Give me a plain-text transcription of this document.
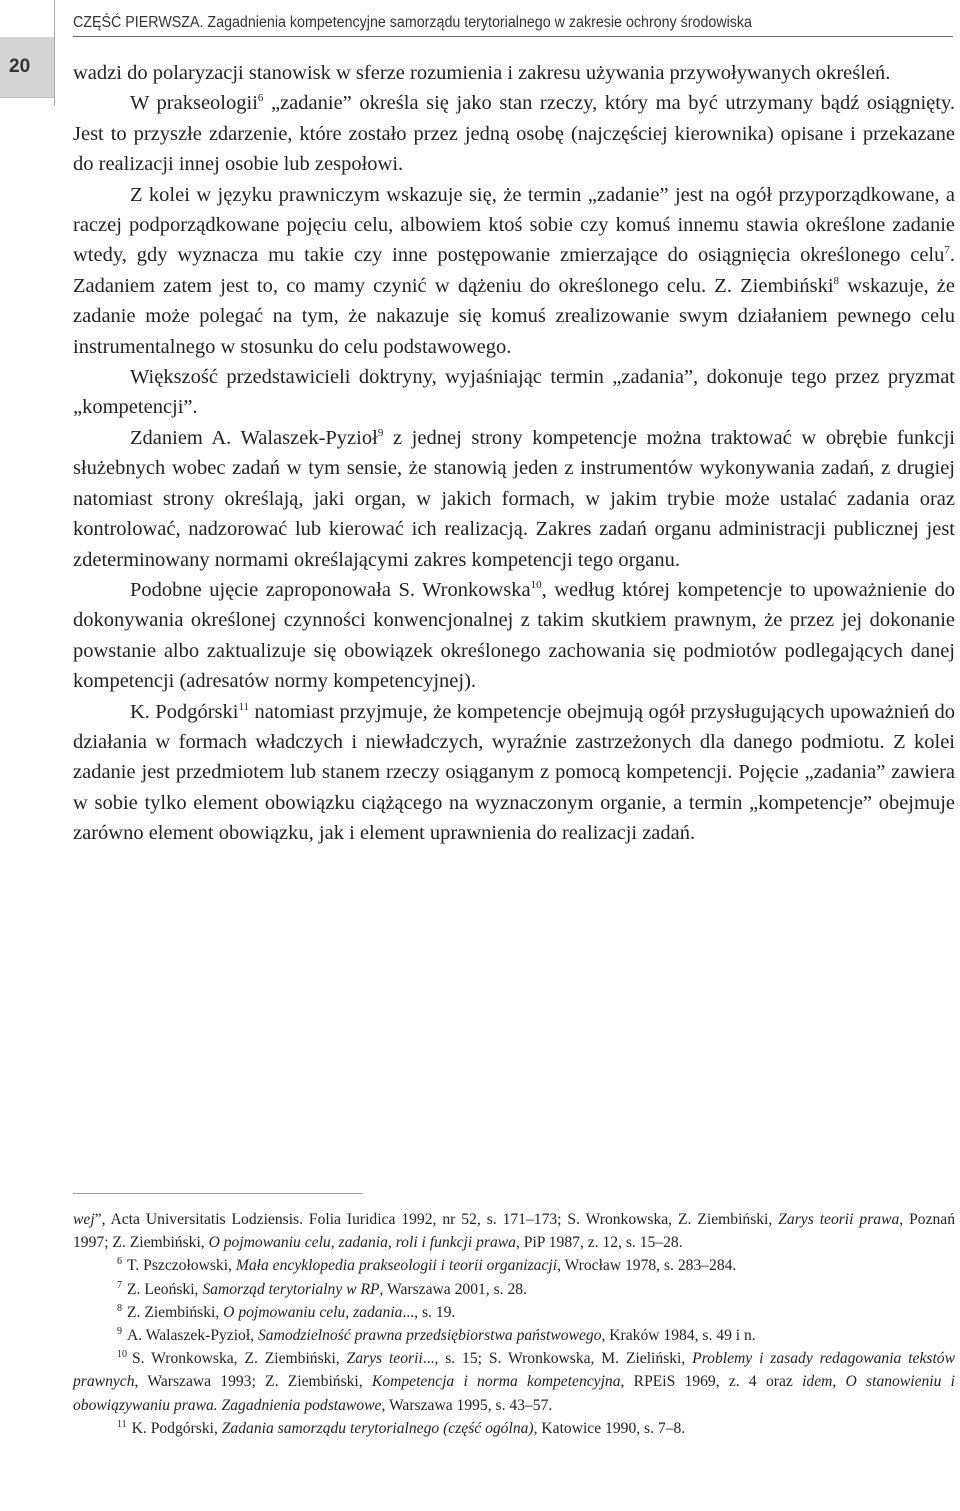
20
CZĘŚĆ PIERWSZA. Zagadnienia kompetencyjne samorządu terytorialnego w zakresie ochrony środowiska

wadzi do polaryzacji stanowisk w sferze rozumienia i zakresu używania przywoływanych określeń.

W prakseologii$^6$ „zadanie” określa się jako stan rzeczy, który ma być utrzymany bądź osiągnięty. Jest to przyszłe zdarzenie, które zostało przez jedną osobę (najczęściej kierownika) opisane i przekazane do realizacji innej osobie lub zespołowi.

Z kolei w języku prawniczym wskazuje się, że termin „zadanie” jest na ogół przyporządkowane, a raczej podporządkowane pojęciu celu, albowiem ktoś sobie czy komuś innemu stawia określone zadanie wtedy, gdy wyznacza mu takie czy inne postępowanie zmierzające do osiągnięcia określonego celu$^7$. Zadaniem zatem jest to, co mamy czynić w dążeniu do określonego celu. Z. Ziembiński$^8$ wskazuje, że zadanie może polegać na tym, że nakazuje się komuś zrealizowanie swym działaniem pewnego celu instrumentalnego w stosunku do celu podstawowego.

Większość przedstawicieli doktryny, wyjaśniając termin „zadania”, dokonuje tego przez pryzmat „kompetencji”.

Zdaniem A. Walaszek-Pyzioł$^9$ z jednej strony kompetencje można traktować w obrębie funkcji służebnych wobec zadań w tym sensie, że stanowią jeden z instrumentów wykonywania zadań, z drugiej natomiast strony określają, jaki organ, w jakich formach, w jakim trybie może ustalać zadania oraz kontrolować, nadzorować lub kierować ich realizacją. Zakres zadań organu administracji publicznej jest zdeterminowany normami określającymi zakres kompetencji tego organu.

Podobne ujęcie zaproponowała S. Wronkowska$^{10}$, według której kompetencje to upoważnienie do dokonywania określonej czynności konwencjonalnej z takim skutkiem prawnym, że przez jej dokonanie powstanie albo zaktualizuje się obowiązek określonego zachowania się podmiotów podlegających danej kompetencji (adresatów normy kompetencyjnej).

K. Podgórski$^{11}$ natomiast przyjmuje, że kompetencje obejmują ogół przysługujących upoważnień do działania w formach władczych i niewładczych, wyraźnie zastrzeżonych dla danego podmiotu. Z kolei zadanie jest przedmiotem lub stanem rzeczy osiąganym z pomocą kompetencji. Pojęcie „zadania” zawiera w sobie tylko element obowiązku ciążącego na wyznaczonym organie, a termin „kompetencje” obejmuje zarówno element obowiązku, jak i element uprawnienia do realizacji zadań.

wej”, Acta Universitatis Lodziensis. Folia Iuridica 1992, nr 52, s. 171–173; S. Wronkowska, Z. Ziembiński, Zarys teorii prawa, Poznań 1997; Z. Ziembiński, O pojmowaniu celu, zadania, roli i funkcji prawa, PiP 1987, z. 12, s. 15–28.

$^6$ T. Pszczołowski, Mała encyklopedia prakseologii i teorii organizacji, Wrocław 1978, s. 283–284.

$^7$ Z. Leoński, Samorząd terytorialny w RP, Warszawa 2001, s. 28.

$^8$ Z. Ziembiński, O pojmowaniu celu, zadania..., s. 19.

$^9$ A. Walaszek-Pyzioł, Samodzielność prawna przedsiębiorstwa państwowego, Kraków 1984, s. 49 i n.

$^{10}$ S. Wronkowska, Z. Ziembiński, Zarys teorii..., s. 15; S. Wronkowska, M. Zieliński, Problemy i zasady redagowania tekstów prawnych, Warszawa 1993; Z. Ziembiński, Kompetencja i norma kompetencyjna, RPEiS 1969, z. 4 oraz idem, O stanowieniu i obowiązywaniu prawa. Zagadnienia podstawowe, Warszawa 1995, s. 43–57.

$^{11}$ K. Podgórski, Zadania samorządu terytorialnego (część ogólna), Katowice 1990, s. 7–8.
